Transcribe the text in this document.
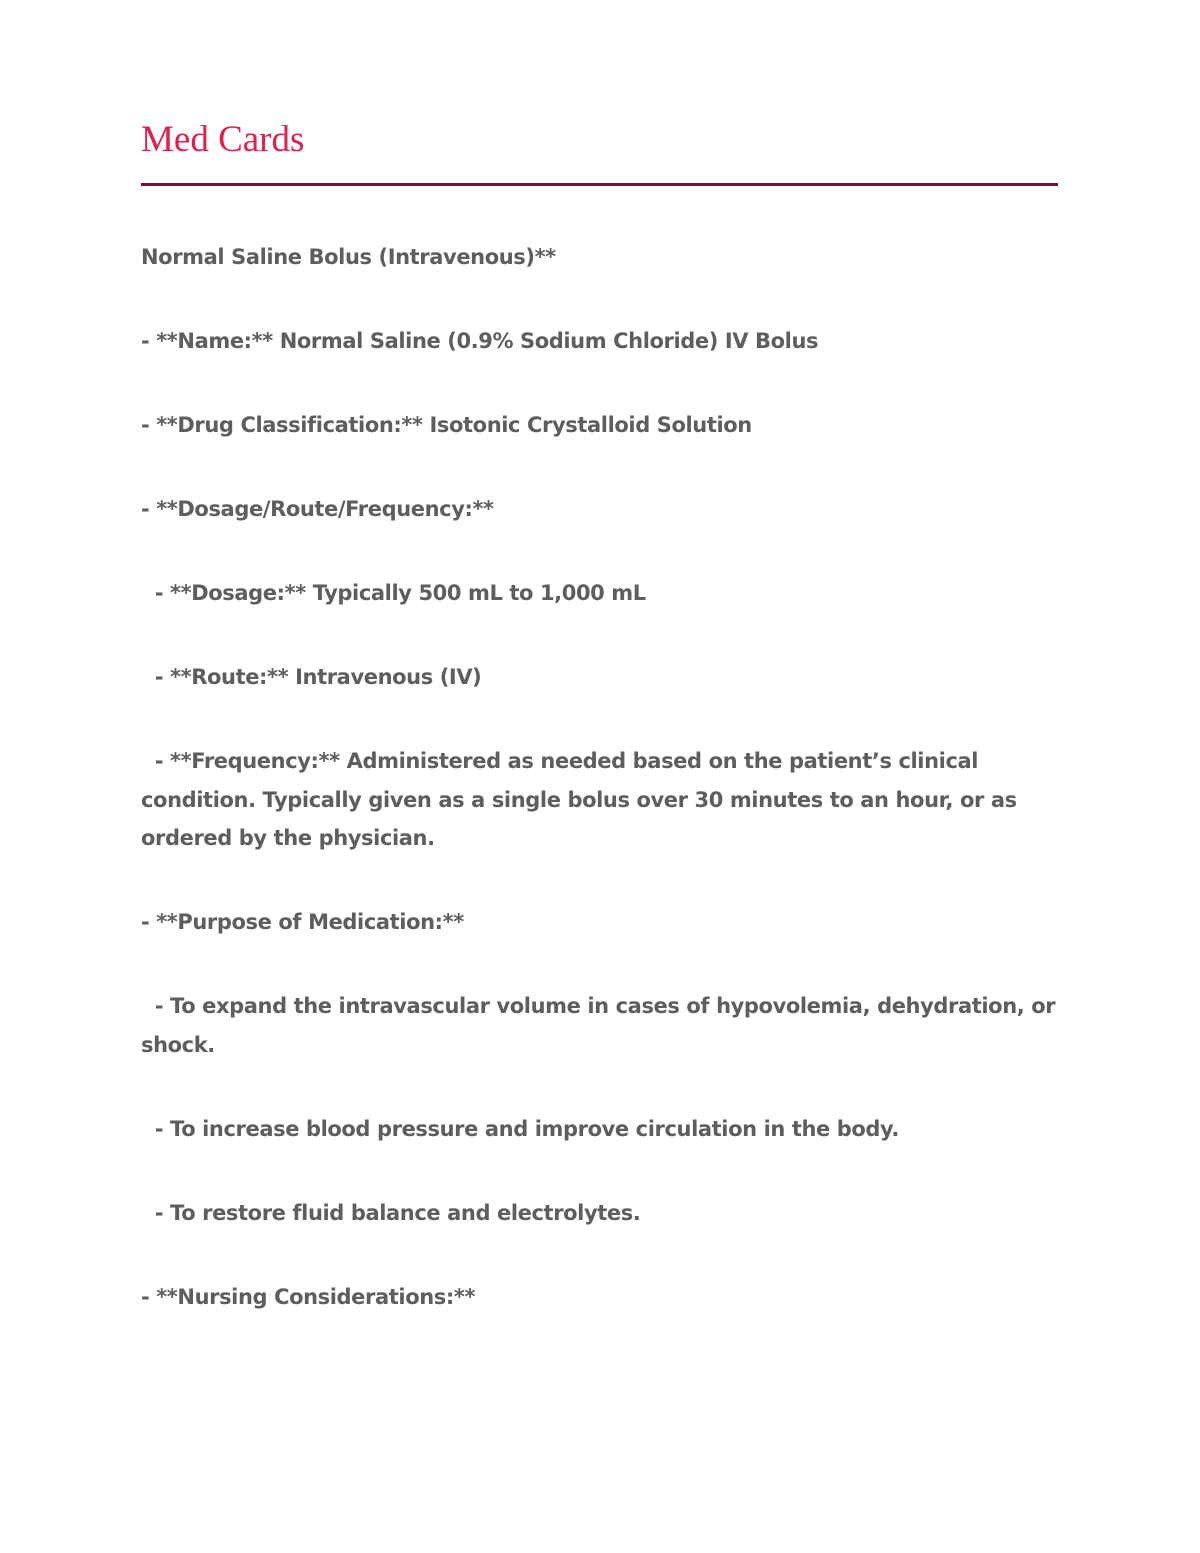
Med Cards

Normal Saline Bolus (Intravenous)**

- **Name:** Normal Saline (0.9% Sodium Chloride) IV Bolus

- **Drug Classification:** Isotonic Crystalloid Solution

- **Dosage/Route/Frequency:**

- **Dosage:** Typically 500 mL to 1,000 mL

- **Route:** Intravenous (IV)

- **Frequency:** Administered as needed based on the patient’s clinical condition. Typically given as a single bolus over 30 minutes to an hour, or as ordered by the physician.

- **Purpose of Medication:**

- To expand the intravascular volume in cases of hypovolemia, dehydration, or shock.

- To increase blood pressure and improve circulation in the body.

- To restore fluid balance and electrolytes.

- **Nursing Considerations:**
